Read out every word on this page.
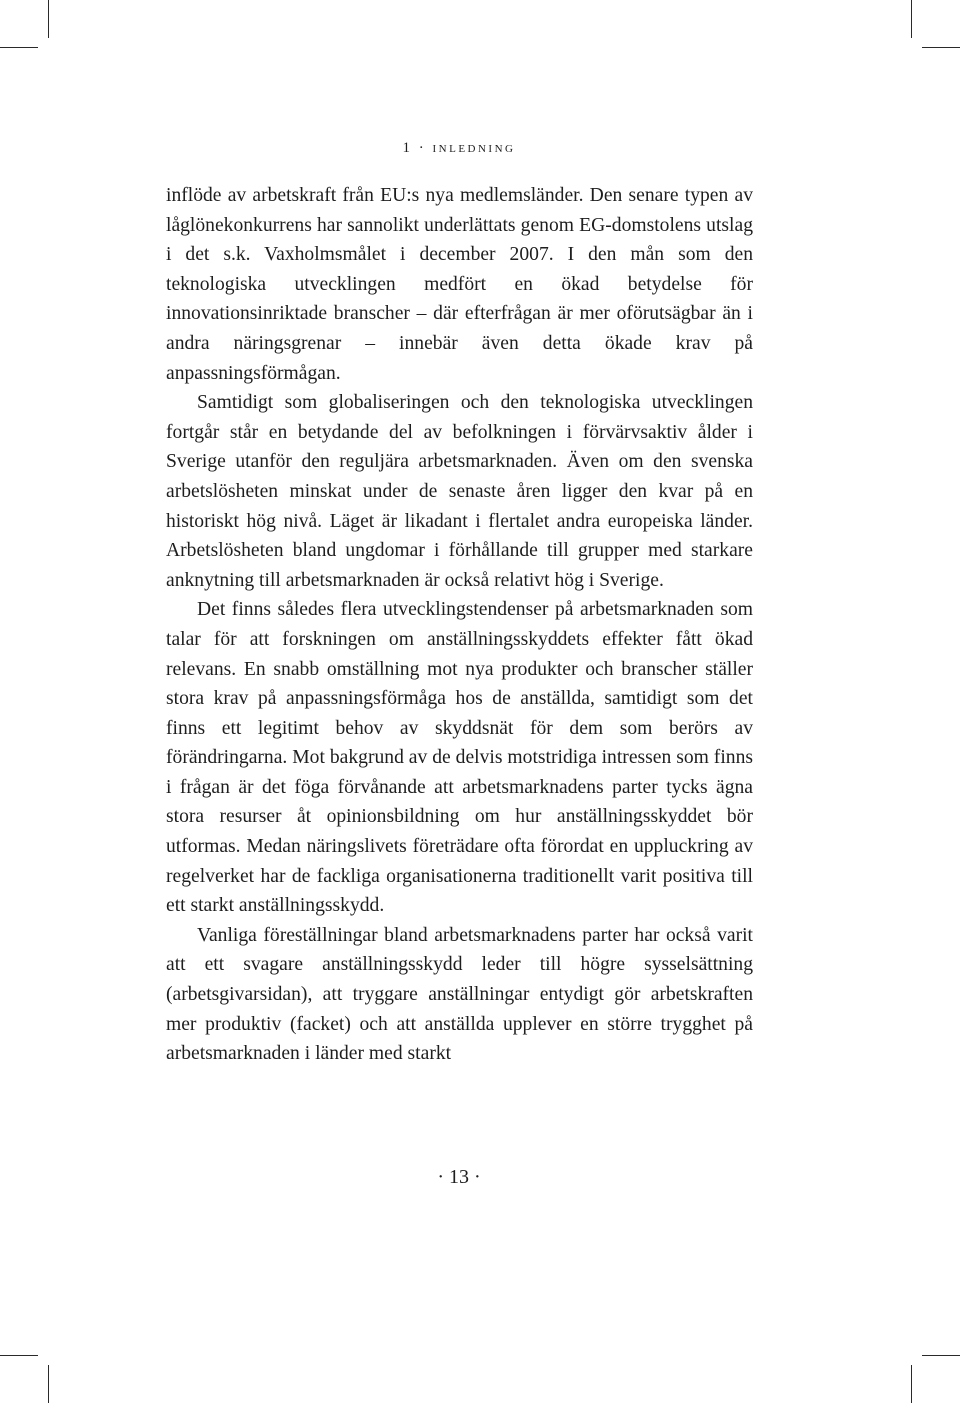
1 · inledning

inflöde av arbetskraft från EU:s nya medlemsländer. Den senare typen av låglönekonkurrens har sannolikt underlättats genom EG-domstolens utslag i det s.k. Vaxholmsmålet i december 2007. I den mån som den teknologiska utvecklingen medfört en ökad betydelse för innovationsinriktade branscher – där efterfrågan är mer oförutsägbar än i andra näringsgrenar – innebär även detta ökade krav på anpassningsförmågan.

Samtidigt som globaliseringen och den teknologiska utvecklingen fortgår står en betydande del av befolkningen i förvärvsaktiv ålder i Sverige utanför den reguljära arbetsmarknaden. Även om den svenska arbetslösheten minskat under de senaste åren ligger den kvar på en historiskt hög nivå. Läget är likadant i flertalet andra europeiska länder. Arbetslösheten bland ungdomar i förhållande till grupper med starkare anknytning till arbetsmarknaden är också relativt hög i Sverige.

Det finns således flera utvecklingstendenser på arbetsmarknaden som talar för att forskningen om anställningsskyddets effekter fått ökad relevans. En snabb omställning mot nya produkter och branscher ställer stora krav på anpassningsförmåga hos de anställda, samtidigt som det finns ett legitimt behov av skyddsnät för dem som berörs av förändringarna. Mot bakgrund av de delvis motstridiga intressen som finns i frågan är det föga förvånande att arbetsmarknadens parter tycks ägna stora resurser åt opinionsbildning om hur anställningsskyddet bör utformas. Medan näringslivets företrädare ofta förordat en uppluckring av regelverket har de fackliga organisationerna traditionellt varit positiva till ett starkt anställningsskydd.

Vanliga föreställningar bland arbetsmarknadens parter har också varit att ett svagare anställningsskydd leder till högre sysselsättning (arbetsgivarsidan), att tryggare anställningar entydigt gör arbetskraften mer produktiv (facket) och att anställda upplever en större trygghet på arbetsmarknaden i länder med starkt

· 13 ·
